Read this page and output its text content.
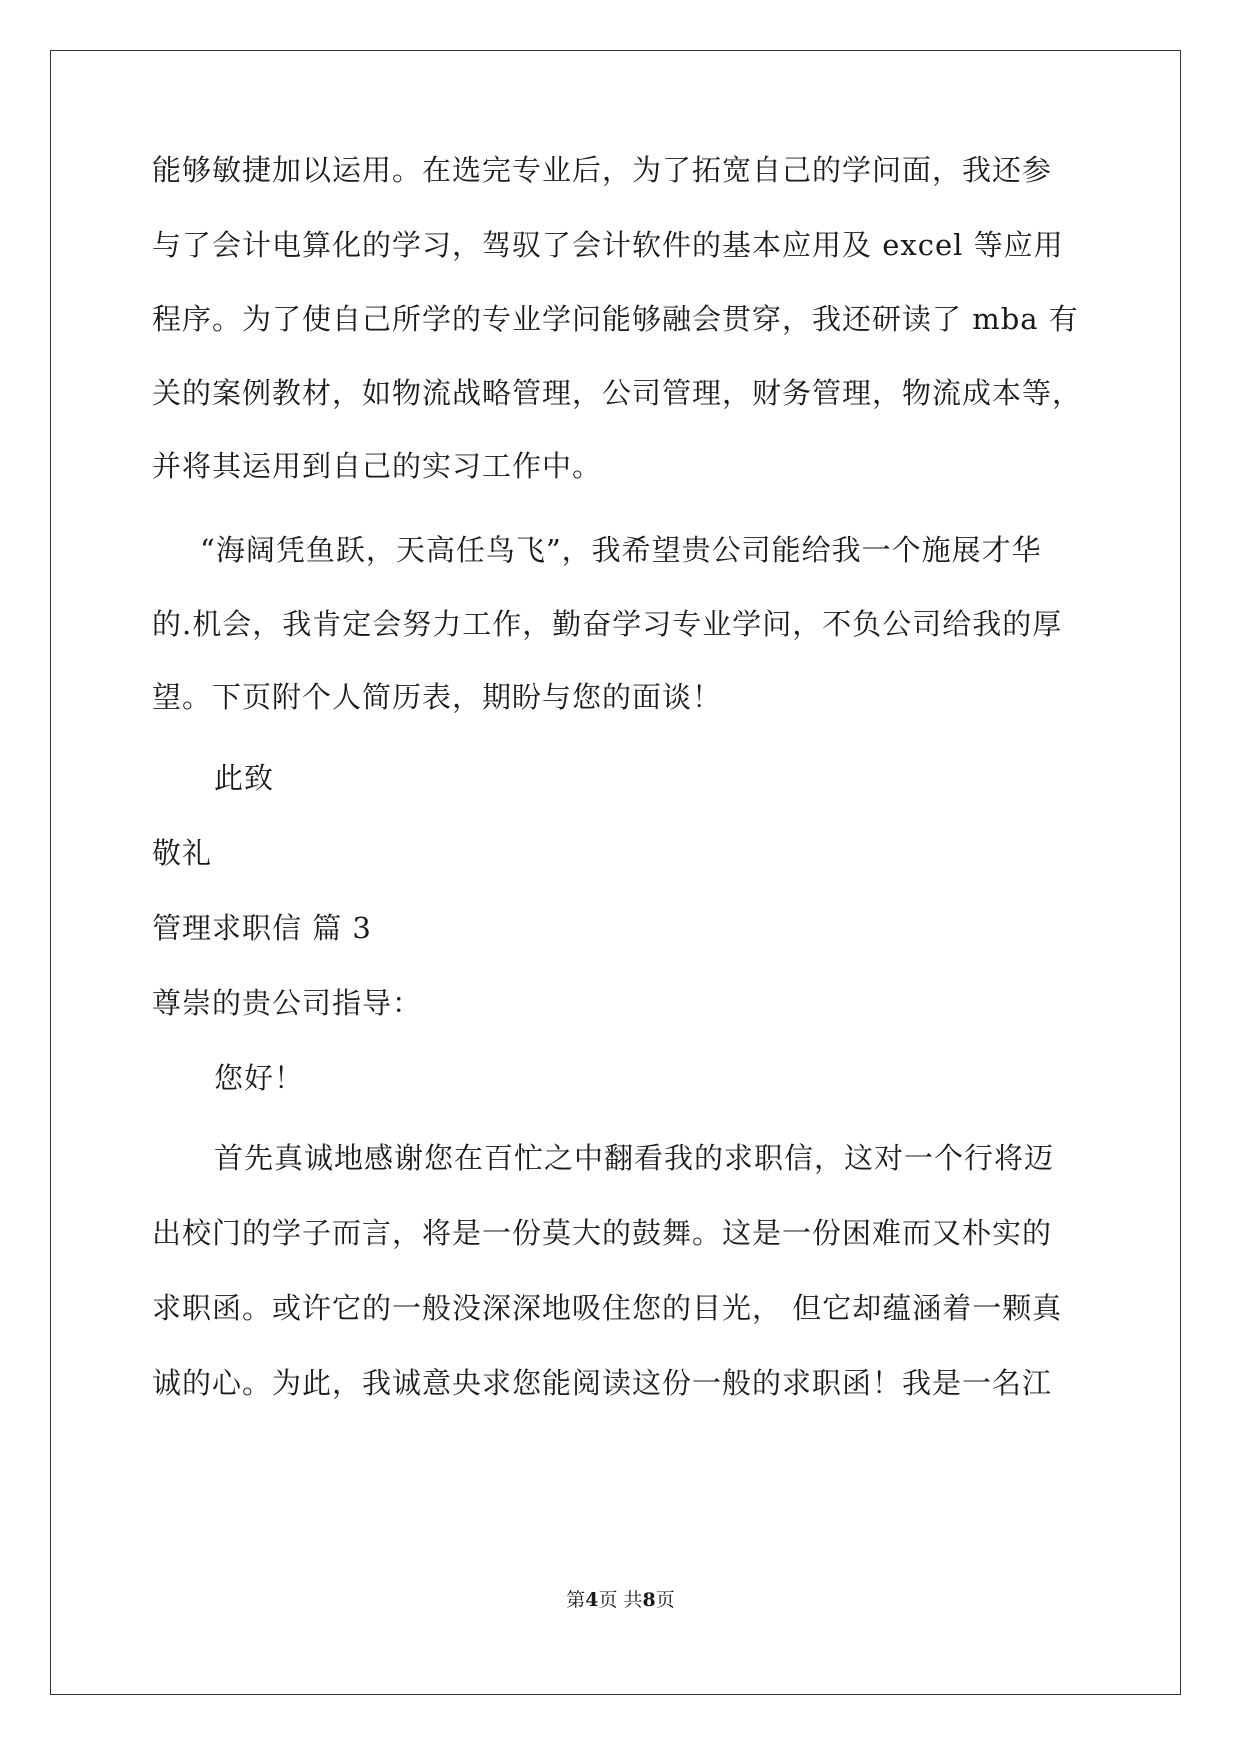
能够敏捷加以运用。在选完专业后，为了拓宽自己的学问面，我还参
与了会计电算化的学习，驾驭了会计软件的基本应用及 excel 等应用
程序。为了使自己所学的专业学问能够融会贯穿，我还研读了 mba 有
关的案例教材，如物流战略管理，公司管理，财务管理，物流成本等，
并将其运用到自己的实习工作中。
“海阔凭鱼跃，天高任鸟飞”，我希望贵公司能给我一个施展才华
的.机会，我肯定会努力工作，勤奋学习专业学问，不负公司给我的厚
望。下页附个人简历表，期盼与您的面谈！
此致
敬礼
管理求职信 篇 3
尊崇的贵公司指导：
您好！
首先真诚地感谢您在百忙之中翻看我的求职信，这对一个行将迈
出校门的学子而言，将是一份莫大的鼓舞。这是一份困难而又朴实的
求职函。或许它的一般没深深地吸住您的目光， 但它却蕴涵着一颗真
诚的心。为此，我诚意央求您能阅读这份一般的求职函！我是一名江
第4页 共8页
